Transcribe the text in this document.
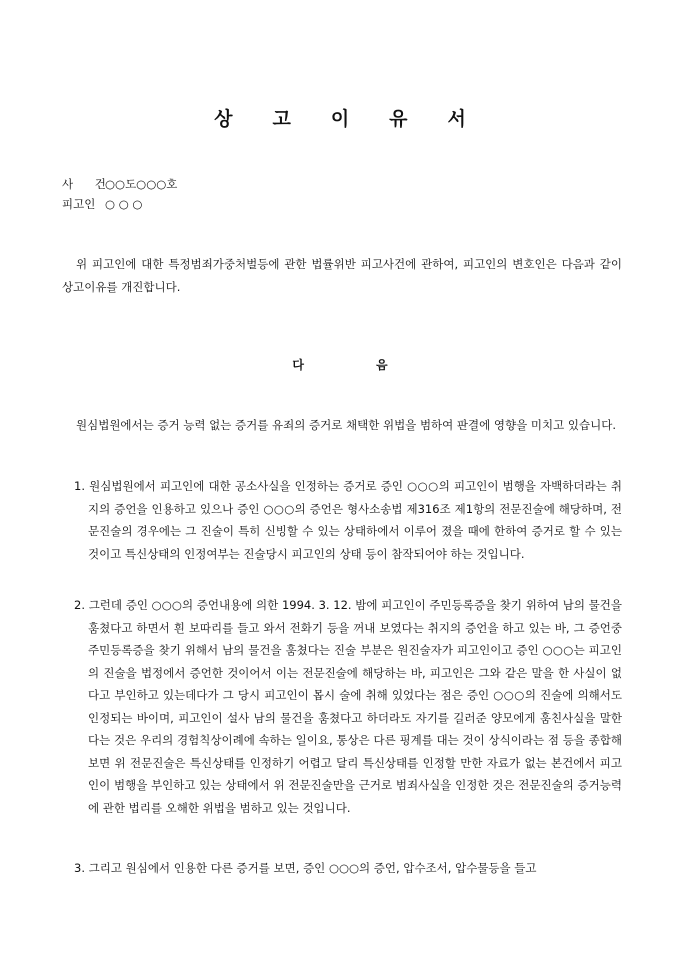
상고이유서
사 건○○도○○○호
피고인 ○ ○ ○
위 피고인에 대한 특정범죄가중처벌등에 관한 법률위반 피고사건에 관하여, 피고인의 변호인은 다음과 같이 상고이유를 개진합니다.
다	음
원심법원에서는 증거 능력 없는 증거를 유죄의 증거로 채택한 위법을 범하여 판결에 영향을 미치고 있습니다.
1. 원심법원에서 피고인에 대한 공소사실을 인정하는 증거로 증인 ○○○의 피고인이 범행을 자백하더라는 취지의 증언을 인용하고 있으나 증인 ○○○의 증언은 형사소송법 제316조 제1항의 전문진술에 해당하며, 전문진술의 경우에는 그 진술이 특히 신빙할 수 있는 상태하에서 이루어 졌을 때에 한하여 증거로 할 수 있는 것이고 특신상태의 인정여부는 진술당시 피고인의 상태 등이 참작되어야 하는 것입니다.
2. 그런데 증인 ○○○의 증언내용에 의한 1994. 3. 12. 밤에 피고인이 주민등록증을 찾기 위하여 남의 물건을 훔쳤다고 하면서 흰 보따리를 들고 와서 전화기 등을 꺼내 보였다는 취지의 증언을 하고 있는 바, 그 증언중 주민등록증을 찾기 위해서 남의 물건을 훔쳤다는 진술 부분은 원진술자가 피고인이고 증인 ○○○는 피고인의 진술을 법정에서 증언한 것이어서 이는 전문진술에 해당하는 바, 피고인은 그와 같은 말을 한 사실이 없다고 부인하고 있는데다가 그 당시 피고인이 몹시 술에 취해 있었다는 점은 증인 ○○○의 진술에 의해서도 인정되는 바이며, 피고인이 설사 남의 물건을 훔쳤다고 하더라도 자기를 길러준 양모에게 훔친사실을 말한다는 것은 우리의 경험칙상이례에 속하는 일이요, 통상은 다른 핑계를 대는 것이 상식이라는 점 등을 종합해 보면 위 전문진술은 특신상태를 인정하기 어렵고 달리 특신상태를 인정할 만한 자료가 없는 본건에서 피고인이 범행을 부인하고 있는 상태에서 위 전문진술만을 근거로 범죄사실을 인정한 것은 전문진술의 증거능력에 관한 법리를 오해한 위법을 범하고 있는 것입니다.
3. 그리고 원심에서 인용한 다른 증거를 보면, 증인 ○○○의 증언, 압수조서, 압수물등을 들고
